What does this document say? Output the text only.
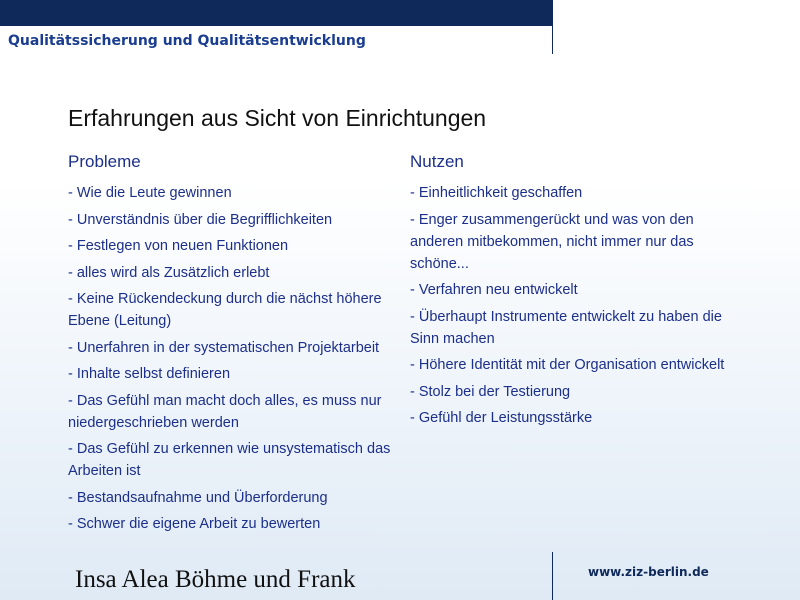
Qualitätssicherung und Qualitätsentwicklung
Erfahrungen aus Sicht von Einrichtungen
Probleme
- Wie die Leute gewinnen
- Unverständnis über die Begrifflichkeiten
- Festlegen von neuen Funktionen
- alles wird als Zusätzlich erlebt
- Keine Rückendeckung durch die nächst höhere Ebene (Leitung)
- Unerfahren in der systematischen Projektarbeit
- Inhalte selbst definieren
- Das Gefühl man macht doch alles, es muss nur niedergeschrieben werden
- Das Gefühl zu erkennen wie unsystematisch das Arbeiten ist
- Bestandsaufnahme und Überforderung
- Schwer die eigene Arbeit zu bewerten
Nutzen
- Einheitlichkeit geschaffen
- Enger zusammengerückt und was von den anderen mitbekommen, nicht immer nur das schöne...
- Verfahren neu entwickelt
- Überhaupt Instrumente entwickelt zu haben die Sinn machen
- Höhere Identität mit der Organisation entwickelt
- Stolz bei der Testierung
- Gefühl der Leistungsstärke
Insa Alea Böhme und Frank	www.ziz-berlin.de
